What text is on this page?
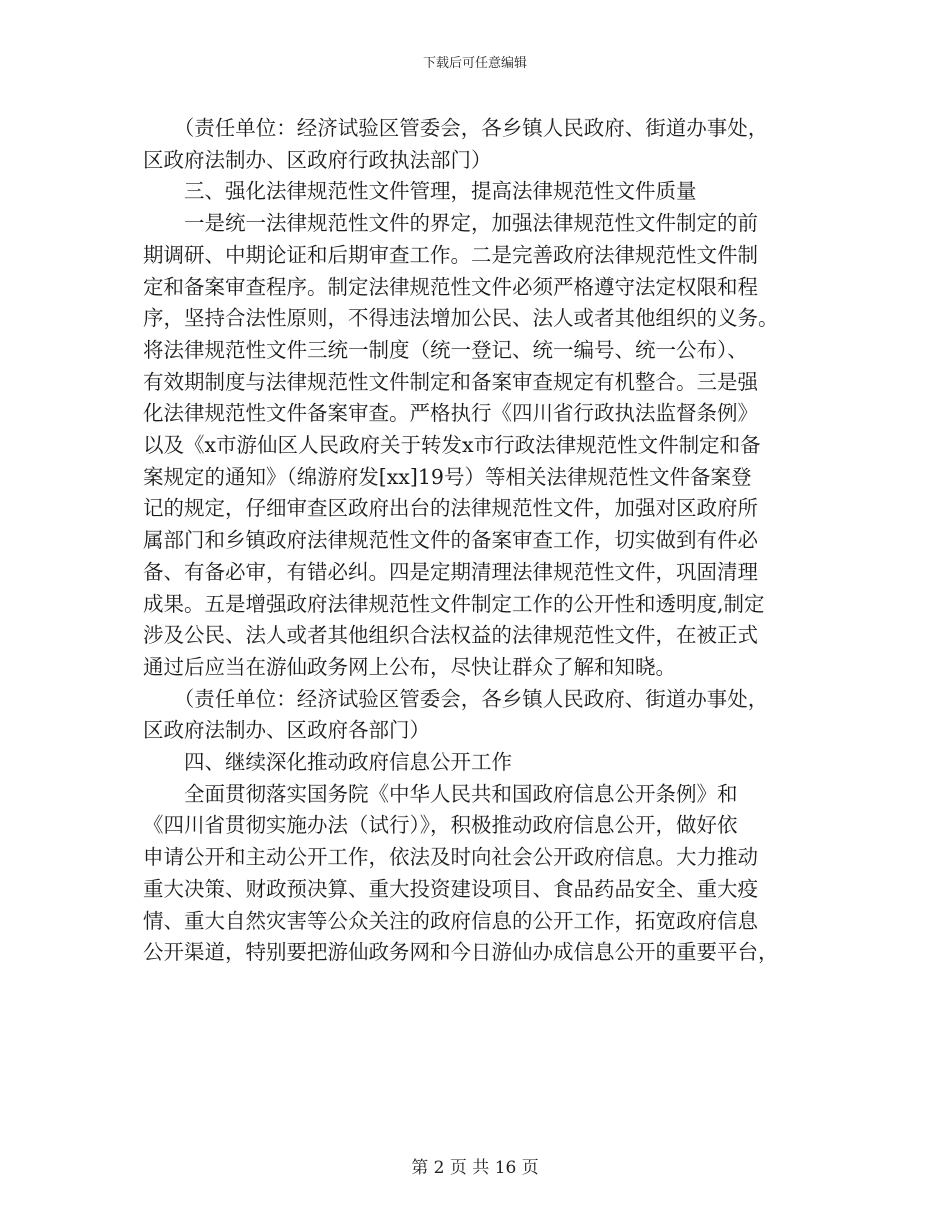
下载后可任意编辑

　　（责任单位：经济试验区管委会，各乡镇人民政府、街道办事处，

区政府法制办、区政府行政执法部门）

　　三、强化法律规范性文件管理，提高法律规范性文件质量

　　一是统一法律规范性文件的界定，加强法律规范性文件制定的前

期调研、中期论证和后期审查工作。二是完善政府法律规范性文件制

定和备案审查程序。制定法律规范性文件必须严格遵守法定权限和程

序，坚持合法性原则，不得违法增加公民、法人或者其他组织的义务。

将法律规范性文件三统一制度（统一登记、统一编号、统一公布）、

有效期制度与法律规范性文件制定和备案审查规定有机整合。三是强

化法律规范性文件备案审查。严格执行《四川省行政执法监督条例》

以及《x市游仙区人民政府关于转发x市行政法律规范性文件制定和备

案规定的通知》（绵游府发[xx]19号）等相关法律规范性文件备案登

记的规定，仔细审查区政府出台的法律规范性文件，加强对区政府所

属部门和乡镇政府法律规范性文件的备案审查工作，切实做到有件必

备、有备必审，有错必纠。四是定期清理法律规范性文件，巩固清理

成果。五是增强政府法律规范性文件制定工作的公开性和透明度,制定

涉及公民、法人或者其他组织合法权益的法律规范性文件，在被正式

通过后应当在游仙政务网上公布，尽快让群众了解和知晓。

　　（责任单位：经济试验区管委会，各乡镇人民政府、街道办事处，

区政府法制办、区政府各部门）

　　四、继续深化推动政府信息公开工作

　　全面贯彻落实国务院《中华人民共和国政府信息公开条例》和

《四川省贯彻实施办法（试行）》，积极推动政府信息公开，做好依

申请公开和主动公开工作，依法及时向社会公开政府信息。大力推动

重大决策、财政预决算、重大投资建设项目、食品药品安全、重大疫

情、重大自然灾害等公众关注的政府信息的公开工作，拓宽政府信息

公开渠道，特别要把游仙政务网和今日游仙办成信息公开的重要平台，

第 2 页 共 16 页
